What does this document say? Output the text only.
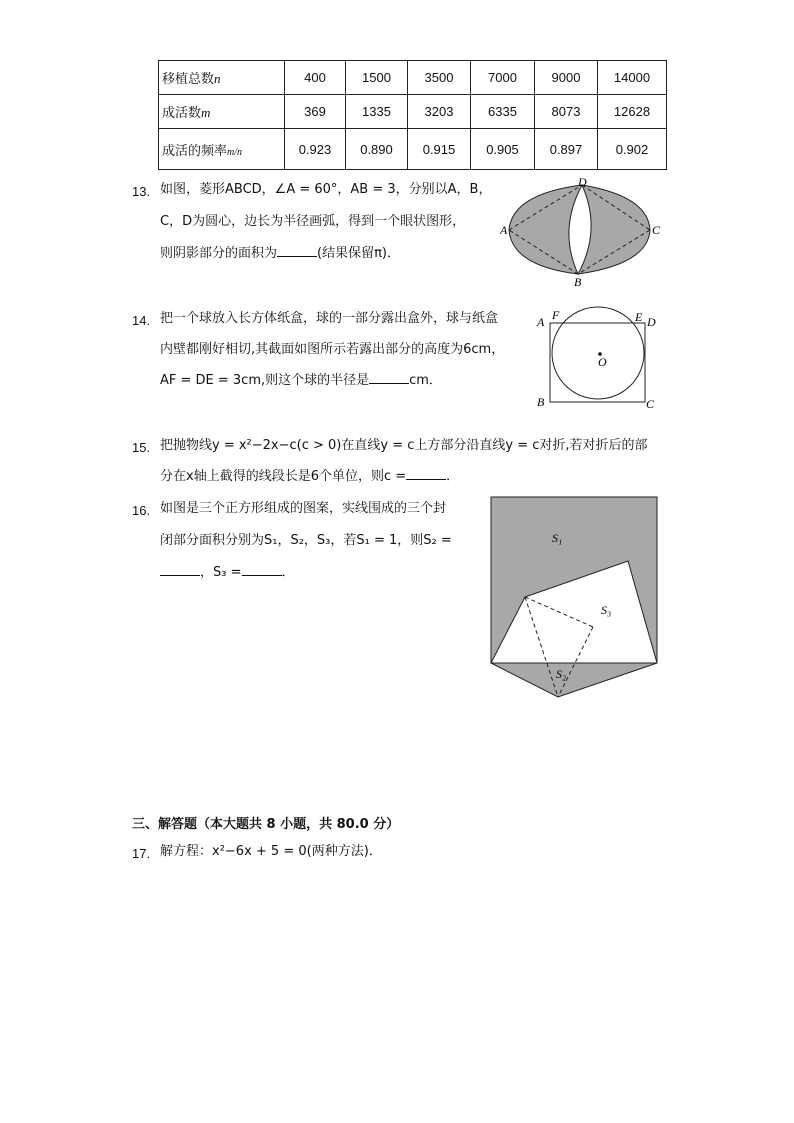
移植总数n	400	1500	3500	7000	9000	14000
成活数m	369	1335	3203	6335	8073	12628
成活的频率m/n	0.923	0.890	0.915	0.905	0.897	0.902
13. 如图，菱形ABCD，∠A = 60°，AB = 3，分别以A，B，
C，D为圆心，边长为半径画弧，得到一个眼状图形，
则阴影部分的面积为	(结果保留π)．
A
D
C
B
14. 把一个球放入长方体纸盒，球的一部分露出盒外，球与纸盒
内壁都刚好相切,其截面如图所示若露出部分的高度为6cm，
AF = DE = 3cm,则这个球的半径是	cm．
A F	E D
O
B	C
15. 把抛物线y = x²−2x−c(c > 0)在直线y = c上方部分沿直线y = c对折,若对折后的部
分在x轴上截得的线段长是6个单位，则c =	．
16. 如图是三个正方形组成的图案，实线围成的三个封
闭部分面积分别为S₁，S₂，S₃，若S₁ = 1，则S₂ =
，S₃ =	．
S₁
S₃
S₂
三、解答题（本大题共 8 小题，共 80.0 分）
17. 解方程：x²−6x + 5 = 0(两种方法)．
